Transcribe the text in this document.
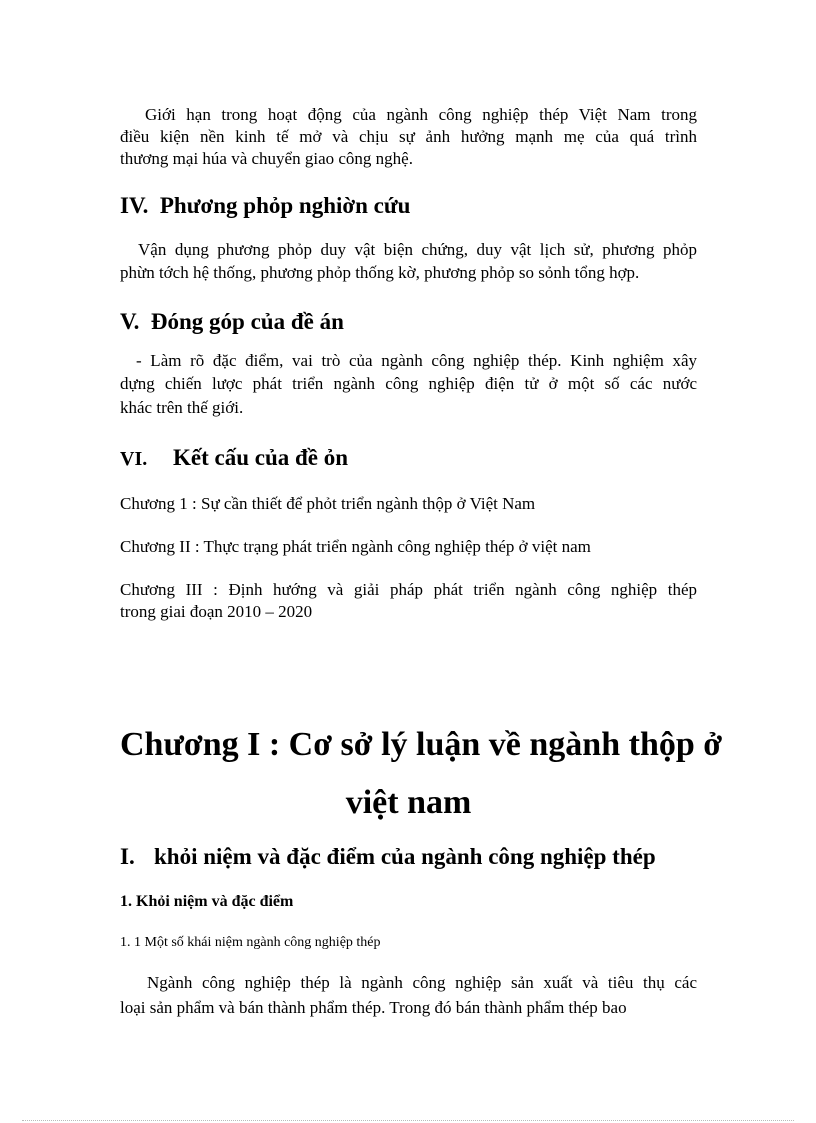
Giới hạn trong hoạt động của ngành công nghiệp thép Việt Nam trong
điều kiện nền kinh tế mở và chịu sự ảnh hưởng mạnh mẹ của quá trình
thương mại húa và chuyển giao công nghệ.
IV. Phương phỏp nghiờn cứu
Vận dụng phương phỏp duy vật biện chứng, duy vật lịch sử, phương phỏp
phừn tớch hệ thống, phương phỏp thống kờ, phương phỏp so sỏnh tổng hợp.
V. Đóng góp của đề án
- Làm rõ đặc điểm, vai trò của ngành công nghiệp thép. Kinh nghiệm xây
dựng chiến lược phát triển ngành công nghiệp điện tử ở một số các nước
khác trên thế giới.
VI. Kết cấu của đề ỏn
Chương 1 : Sự cần thiết để phỏt triển ngành thộp ở Việt Nam
Chương II : Thực trạng phát triển ngành công nghiệp thép ở việt nam
Chương III : Định hướng và giải pháp phát triển ngành công nghiệp thép
trong giai đoạn 2010 – 2020
Chương I : Cơ sở lý luận về ngành thộp ở
việt nam
I. khỏi niệm và đặc điểm của ngành công nghiệp thép
1. Khỏi niệm và đặc điểm
1. 1 Một số khái niệm ngành công nghiệp thép
Ngành công nghiệp thép là ngành công nghiệp sản xuất và tiêu thụ các
loại sản phẩm và bán thành phẩm thép. Trong đó bán thành phẩm thép bao
